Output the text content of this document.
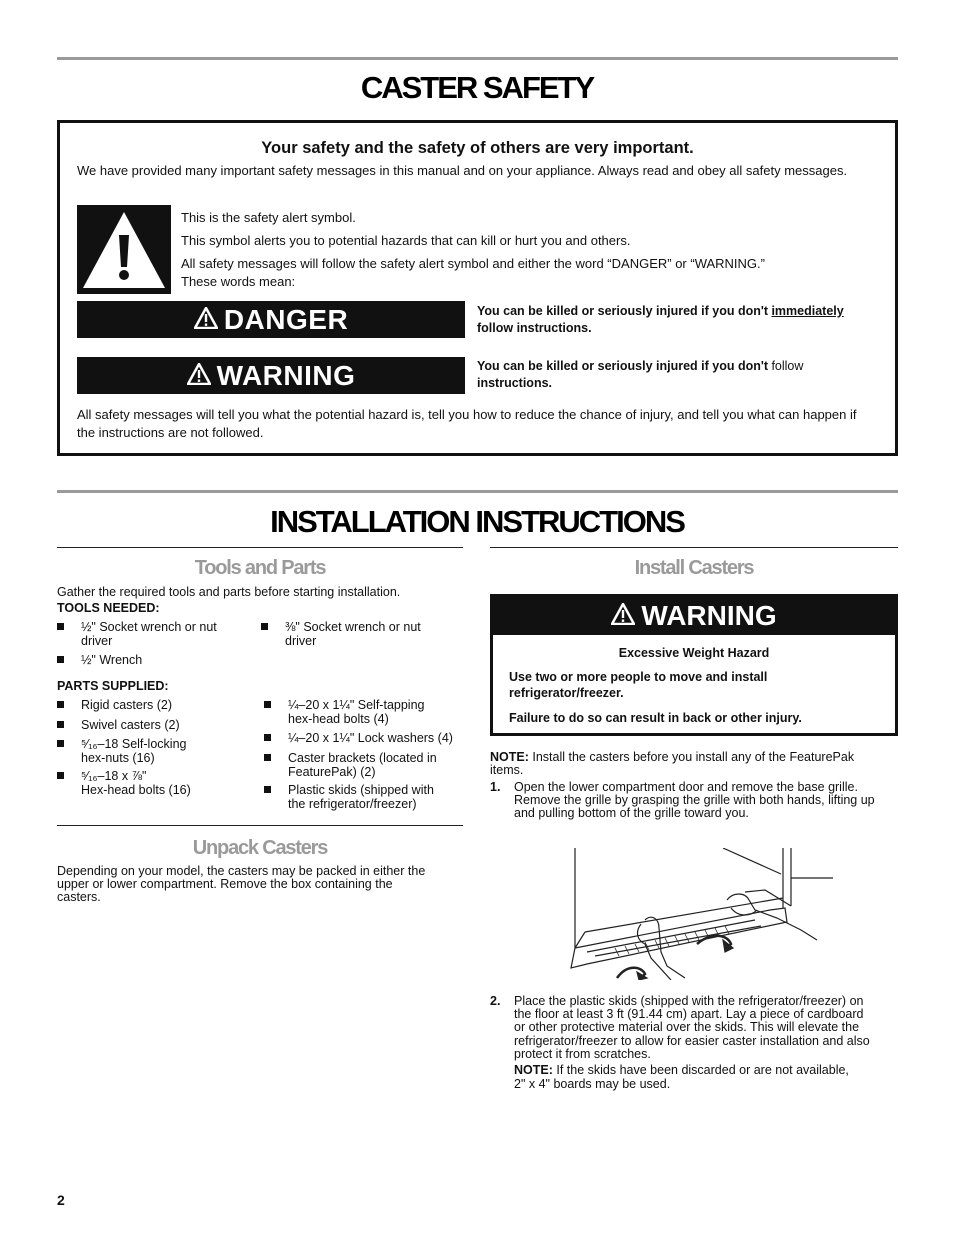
CASTER SAFETY
Your safety and the safety of others are very important.
We have provided many important safety messages in this manual and on your appliance. Always read and obey all safety messages.
This is the safety alert symbol.
This symbol alerts you to potential hazards that can kill or hurt you and others.
All safety messages will follow the safety alert symbol and either the word “DANGER” or “WARNING.”
These words mean:
DANGER	You can be killed or seriously injured if you don't immediately
follow instructions.
WARNING	You can be killed or seriously injured if you don't follow
instructions.
All safety messages will tell you what the potential hazard is, tell you how to reduce the chance of injury, and tell you what can happen if the instructions are not followed.
INSTALLATION INSTRUCTIONS
Tools and Parts
Gather the required tools and parts before starting installation.
TOOLS NEEDED:
½" Socket wrench or nut
driver
½" Wrench
⅜" Socket wrench or nut
driver
PARTS SUPPLIED:
Rigid casters (2)
Swivel casters (2)
⁵⁄₁₆–18 Self-locking
hex-nuts (16)
⁵⁄₁₆–18 x ⅞"
Hex-head bolts (16)
¼–20 x 1¼" Self-tapping
hex-head bolts (4)
¼–20 x 1¼" Lock washers (4)
Caster brackets (located in
FeaturePak) (2)
Plastic skids (shipped with
the refrigerator/freezer)
Unpack Casters
Depending on your model, the casters may be packed in either the
upper or lower compartment. Remove the box containing the
casters.
Install Casters
WARNING
Excessive Weight Hazard
Use two or more people to move and install
refrigerator/freezer.
Failure to do so can result in back or other injury.
NOTE: Install the casters before you install any of the FeaturePak
items.
1. Open the lower compartment door and remove the base grille.
Remove the grille by grasping the grille with both hands, lifting up
and pulling bottom of the grille toward you.
2. Place the plastic skids (shipped with the refrigerator/freezer) on
the floor at least 3 ft (91.44 cm) apart. Lay a piece of cardboard
or other protective material over the skids. This will elevate the
refrigerator/freezer to allow for easier caster installation and also
protect it from scratches.
NOTE: If the skids have been discarded or are not available,
2" x 4" boards may be used.
2
